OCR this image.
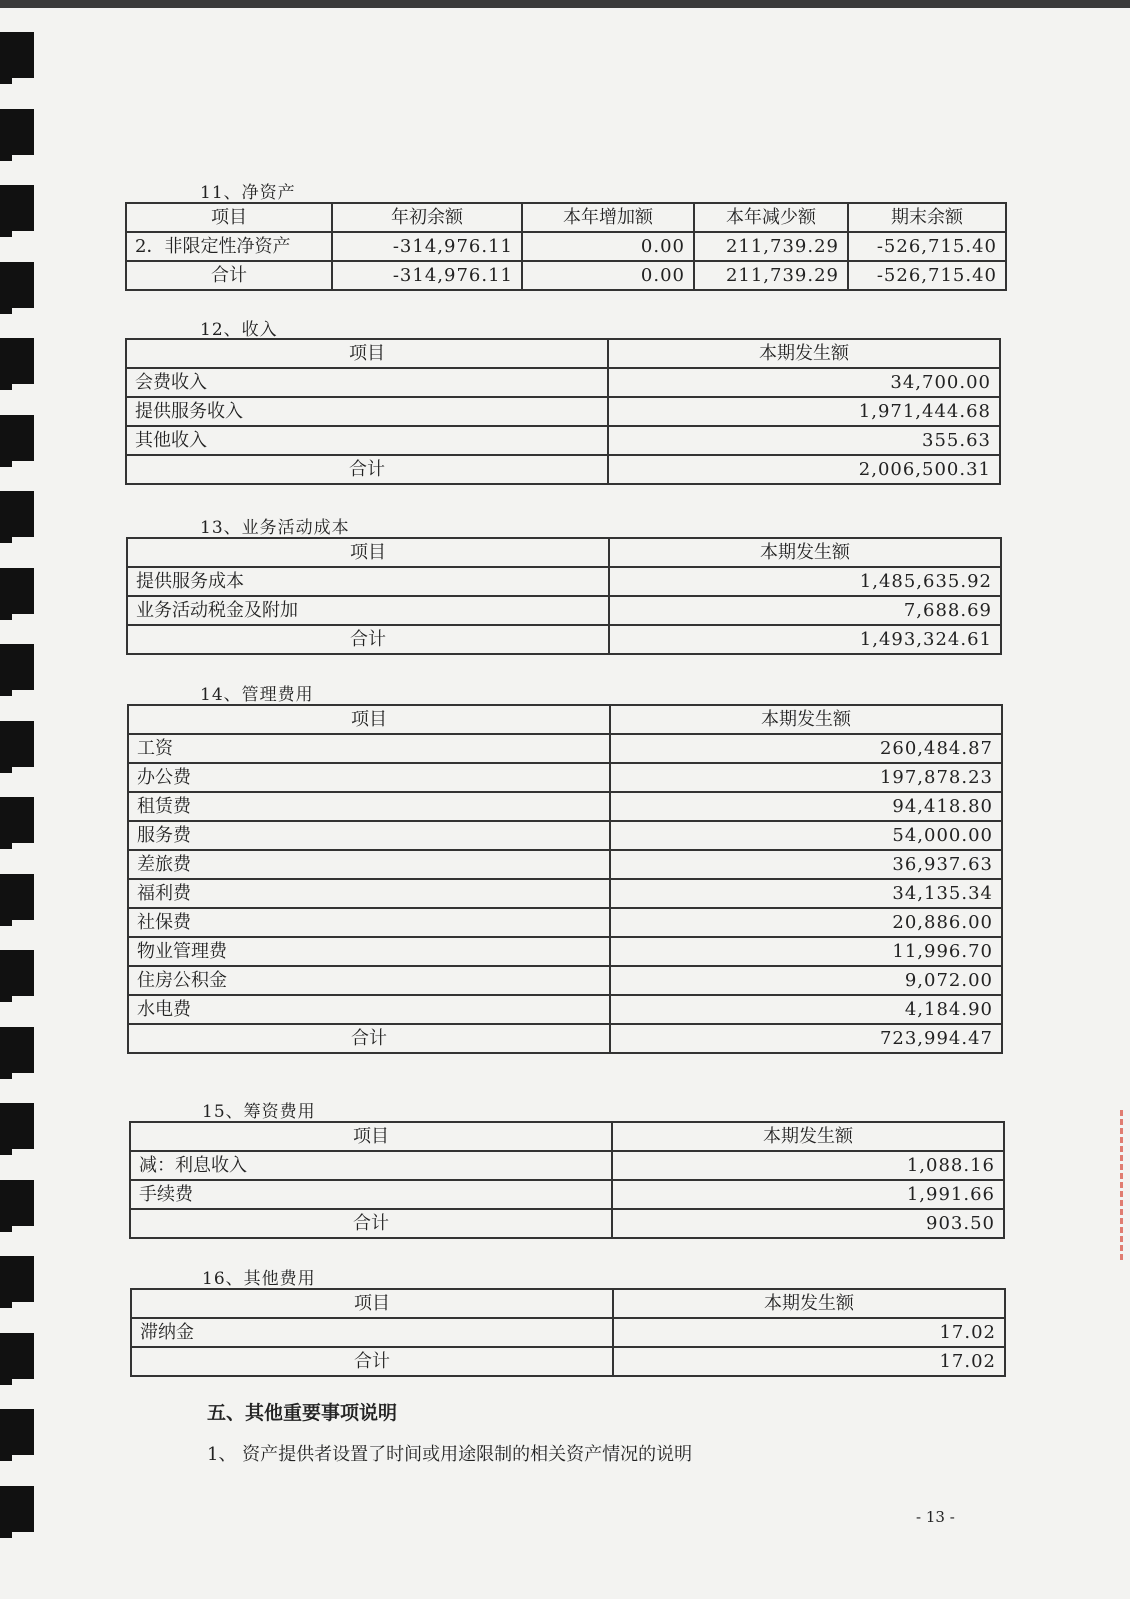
11、净资产
项目	年初余额	本年增加额	本年减少额	期末余额
2．非限定性净资产	-314,976.11	0.00	211,739.29	-526,715.40
合计	-314,976.11	0.00	211,739.29	-526,715.40
12、收入
项目	本期发生额
会费收入	34,700.00
提供服务收入	1,971,444.68
其他收入	355.63
合计	2,006,500.31
13、业务活动成本
项目	本期发生额
提供服务成本	1,485,635.92
业务活动税金及附加	7,688.69
合计	1,493,324.61
14、管理费用
项目	本期发生额
工资	260,484.87
办公费	197,878.23
租赁费	94,418.80
服务费	54,000.00
差旅费	36,937.63
福利费	34,135.34
社保费	20,886.00
物业管理费	11,996.70
住房公积金	9,072.00
水电费	4,184.90
合计	723,994.47
15、筹资费用
项目	本期发生额
减：利息收入	1,088.16
手续费	1,991.66
合计	903.50
16、其他费用
项目	本期发生额
滞纳金	17.02
合计	17.02
五、其他重要事项说明
1、 资产提供者设置了时间或用途限制的相关资产情况的说明
- 13 -
